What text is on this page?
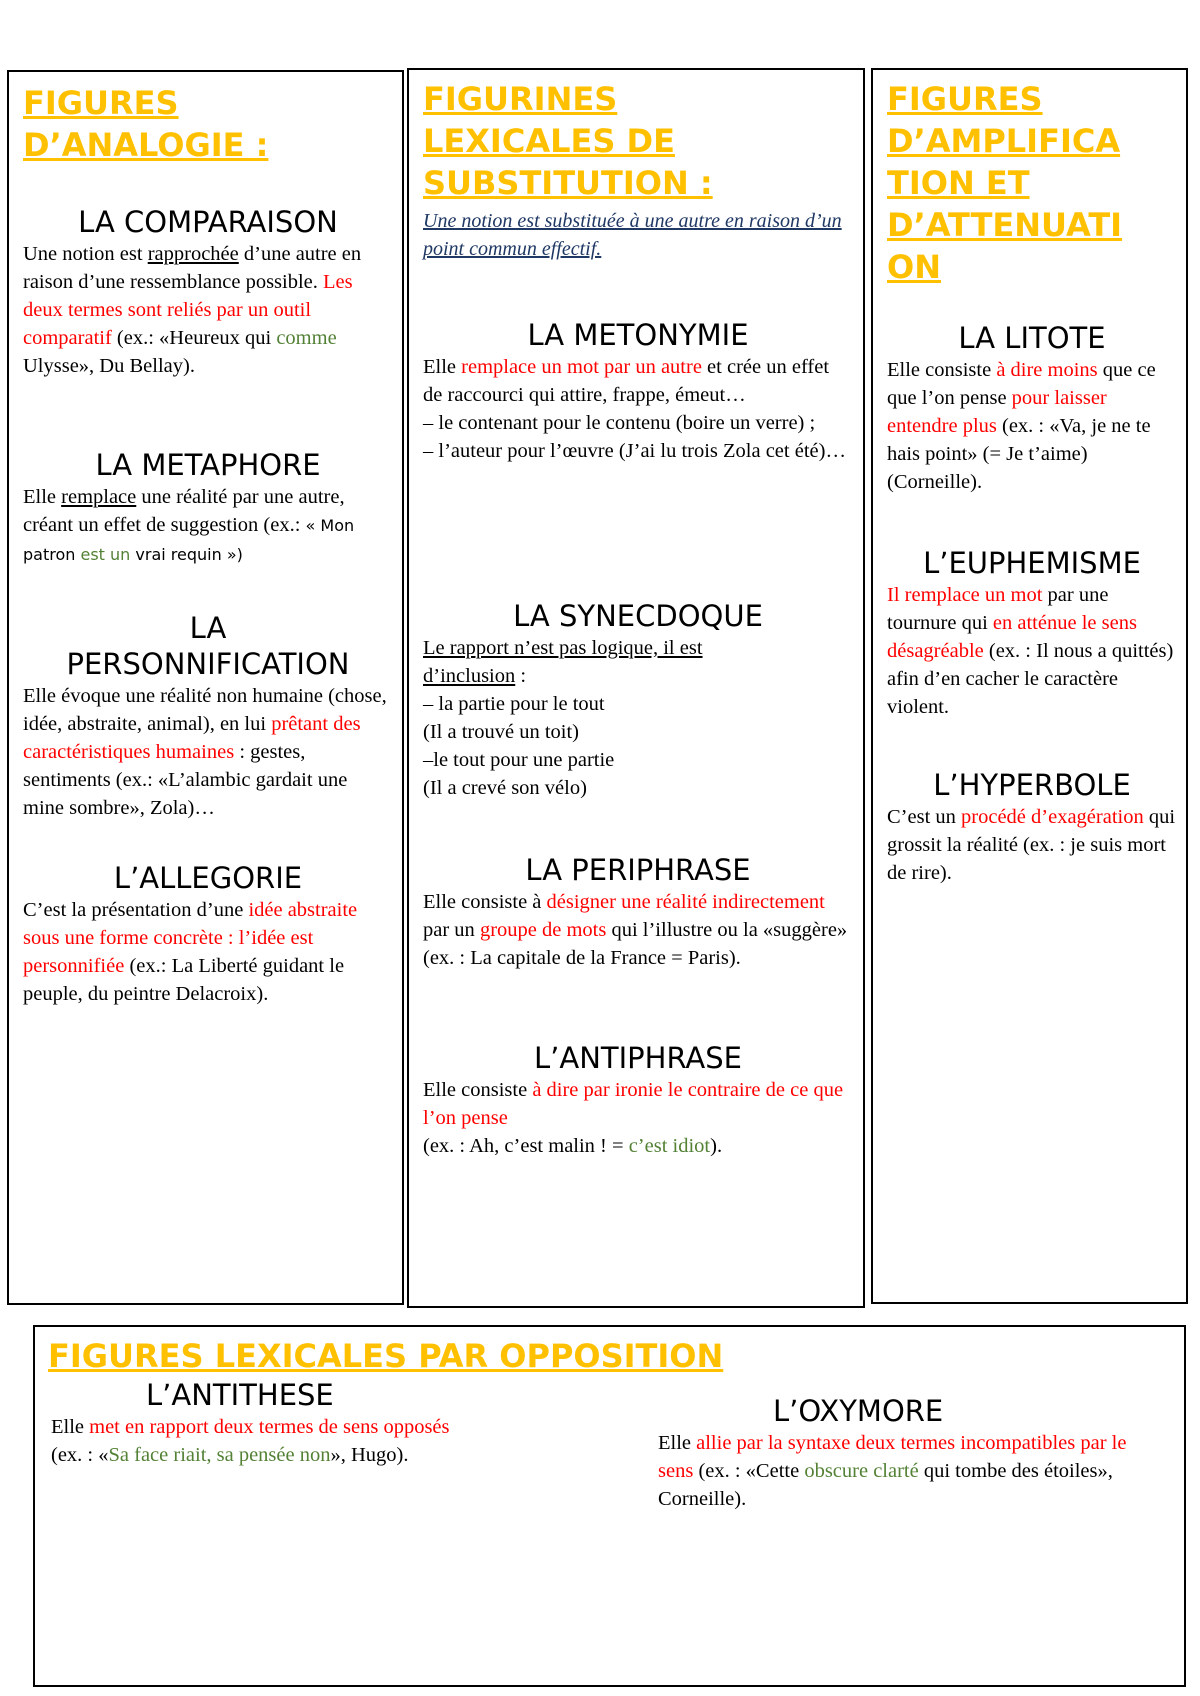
FIGURES

D’ANALOGIE :

LA COMPARAISON

Une notion est rapprochée d’une autre en raison d’une ressemblance possible. Les deux termes sont reliés par un outil comparatif (ex.: «Heureux qui comme Ulysse», Du Bellay).

LA METAPHORE

Elle remplace une réalité par une autre, créant un effet de suggestion (ex.: « Mon patron est un vrai requin »)

LA

PERSONNIFICATION

Elle évoque une réalité non humaine (chose, idée, abstraite, animal), en lui prêtant des caractéristiques humaines : gestes, sentiments (ex.: «L’alambic gardait une mine sombre», Zola)…

L’ALLEGORIE

C’est la présentation d’une idée abstraite sous une forme concrète : l’idée est personnifiée (ex.: La Liberté guidant le peuple, du peintre Delacroix).

FIGURINES

LEXICALES DE

SUBSTITUTION :

Une notion est substituée à une autre en raison d’un point commun effectif.

LA METONYMIE

Elle remplace un mot par un autre et crée un effet de raccourci qui attire, frappe, émeut…

– le contenant pour le contenu (boire un verre) ;

– l’auteur pour l’œuvre (J’ai lu trois Zola cet été)…

LA SYNECDOQUE

Le rapport n’est pas logique, il est d’inclusion :

– la partie pour le tout

(Il a trouvé un toit)

–le tout pour une partie

(Il a crevé son vélo)

LA PERIPHRASE

Elle consiste à désigner une réalité indirectement par un groupe de mots qui l’illustre ou la «suggère» (ex. : La capitale de la France = Paris).

L’ANTIPHRASE

Elle consiste à dire par ironie le contraire de ce que l’on pense

(ex. : Ah, c’est malin ! = c’est idiot).

FIGURES

D’AMPLIFICA

TION ET

D’ATTENUATI

ON

LA LITOTE

Elle consiste à dire moins que ce que l’on pense pour laisser entendre plus (ex. : «Va, je ne te hais point» (= Je t’aime) (Corneille).

L’EUPHEMISME

Il remplace un mot par une tournure qui en atténue le sens désagréable (ex. : Il nous a quittés) afin d’en cacher le caractère violent.

L’HYPERBOLE

C’est un procédé d’exagération qui grossit la réalité (ex. : je suis mort de rire).

FIGURES LEXICALES PAR OPPOSITION

L’ANTITHESE

Elle met en rapport deux termes de sens opposés

(ex. : «Sa face riait, sa pensée non», Hugo).

L’OXYMORE

Elle allie par la syntaxe deux termes incompatibles par le sens (ex. : «Cette obscure clarté qui tombe des étoiles», Corneille).
